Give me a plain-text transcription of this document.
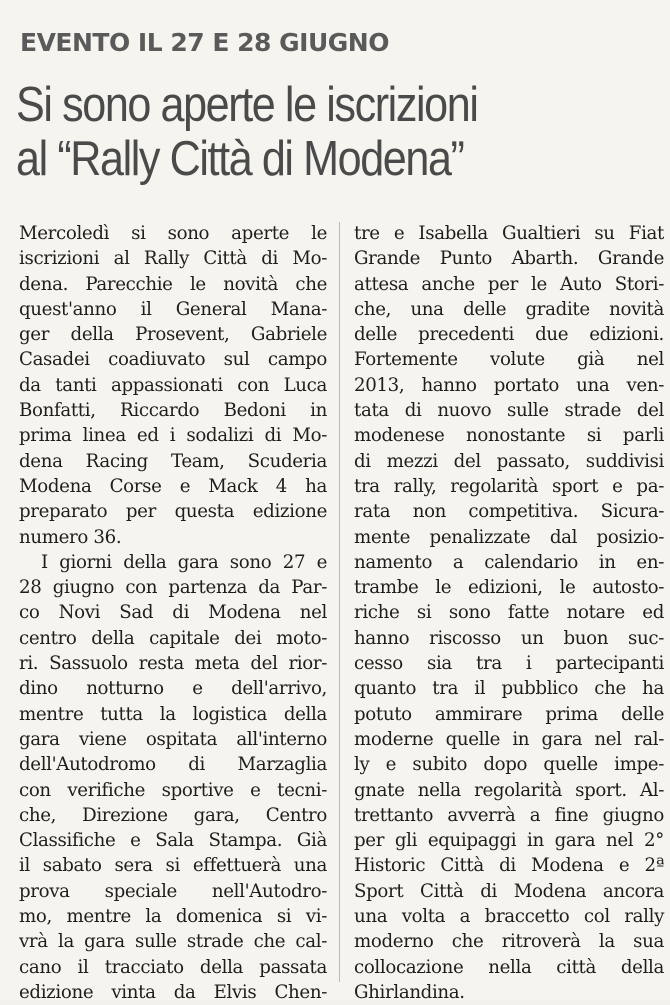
EVENTO IL 27 E 28 GIUGNO
Si sono aperte le iscrizioni
al “Rally Città di Modena”
Mercoledì si sono aperte le
iscrizioni al Rally Città di Mo-
dena. Parecchie le novità che
quest'anno il General Mana-
ger della Prosevent, Gabriele
Casadei coadiuvato sul campo
da tanti appassionati con Luca
Bonfatti, Riccardo Bedoni in
prima linea ed i sodalizi di Mo-
dena Racing Team, Scuderia
Modena Corse e Mack 4 ha
preparato per questa edizione
numero 36.
I giorni della gara sono 27 e
28 giugno con partenza da Par-
co Novi Sad di Modena nel
centro della capitale dei moto-
ri. Sassuolo resta meta del rior-
dino notturno e dell'arrivo,
mentre tutta la logistica della
gara viene ospitata all'interno
dell'Autodromo di Marzaglia
con verifiche sportive e tecni-
che, Direzione gara, Centro
Classifiche e Sala Stampa. Già
il sabato sera si effettuerà una
prova speciale nell'Autodro-
mo, mentre la domenica si vi-
vrà la gara sulle strade che cal-
cano il tracciato della passata
edizione vinta da Elvis Chen-
tre e Isabella Gualtieri su Fiat
Grande Punto Abarth. Grande
attesa anche per le Auto Stori-
che, una delle gradite novità
delle precedenti due edizioni.
Fortemente volute già nel
2013, hanno portato una ven-
tata di nuovo sulle strade del
modenese nonostante si parli
di mezzi del passato, suddivisi
tra rally, regolarità sport e pa-
rata non competitiva. Sicura-
mente penalizzate dal posizio-
namento a calendario in en-
trambe le edizioni, le autosto-
riche si sono fatte notare ed
hanno riscosso un buon suc-
cesso sia tra i partecipanti
quanto tra il pubblico che ha
potuto ammirare prima delle
moderne quelle in gara nel ral-
ly e subito dopo quelle impe-
gnate nella regolarità sport. Al-
trettanto avverrà a fine giugno
per gli equipaggi in gara nel 2°
Historic Città di Modena e 2ª
Sport Città di Modena ancora
una volta a braccetto col rally
moderno che ritroverà la sua
collocazione nella città della
Ghirlandina.
